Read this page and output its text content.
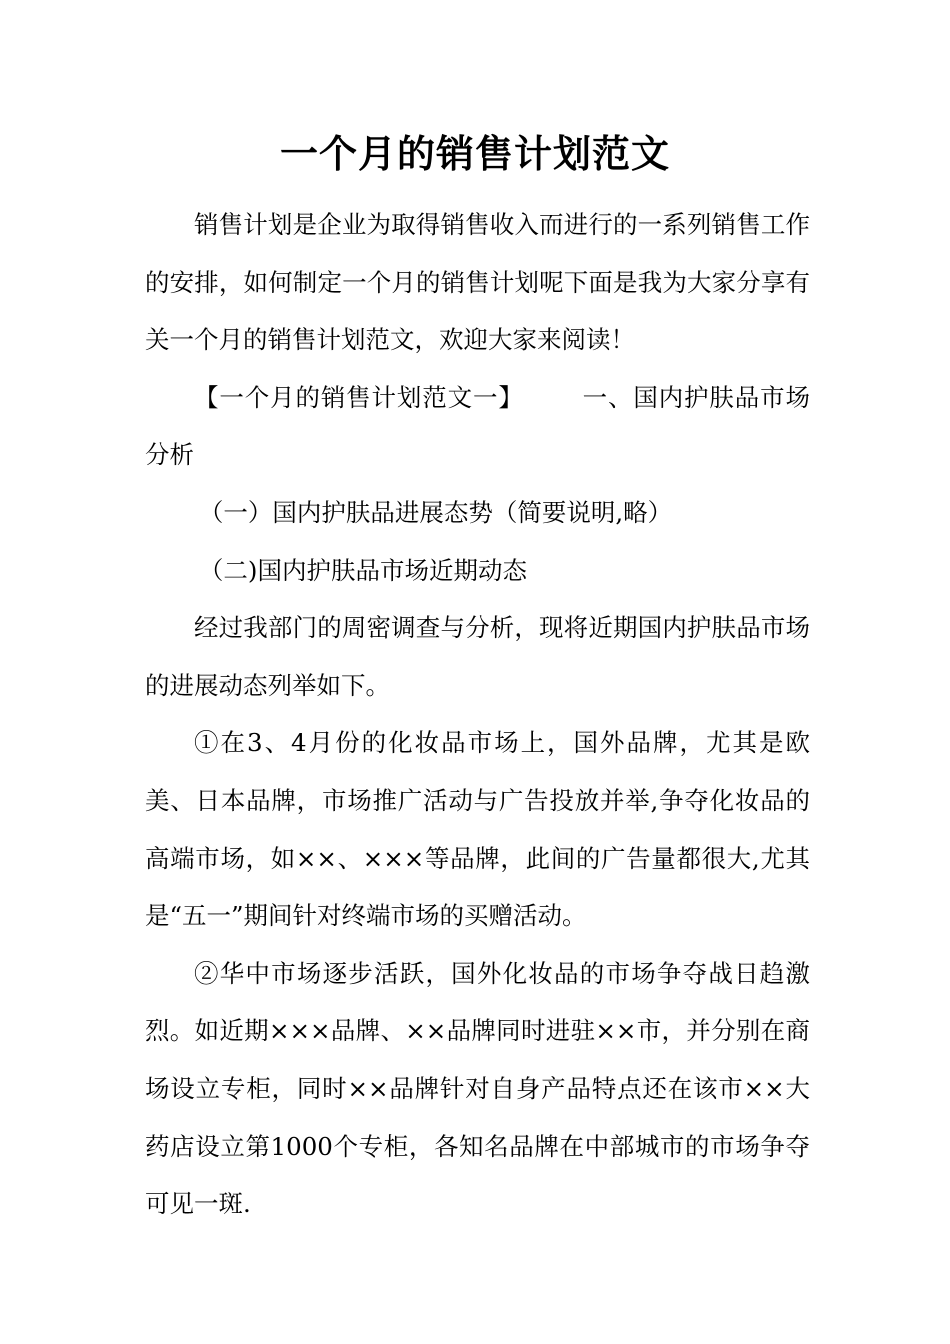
一个月的销售计划范文

销售计划是企业为取得销售收入而进行的一系列销售工作的安排，如何制定一个月的销售计划呢下面是我为大家分享有关一个月的销售计划范文，欢迎大家来阅读！

【一个月的销售计划范文一】 一、国内护肤品市场分析

（一）国内护肤品进展态势（简要说明,略）

（二)国内护肤品市场近期动态

经过我部门的周密调查与分析，现将近期国内护肤品市场的进展动态列举如下。

①在3、4月份的化妆品市场上，国外品牌，尤其是欧美、日本品牌，市场推广活动与广告投放并举,争夺化妆品的高端市场，如××、×××等品牌，此间的广告量都很大,尤其是“五一”期间针对终端市场的买赠活动。

②华中市场逐步活跃，国外化妆品的市场争夺战日趋激烈。如近期×××品牌、××品牌同时进驻××市，并分别在商场设立专柜，同时××品牌针对自身产品特点还在该市××大药店设立第1000个专柜，各知名品牌在中部城市的市场争夺可见一斑.
